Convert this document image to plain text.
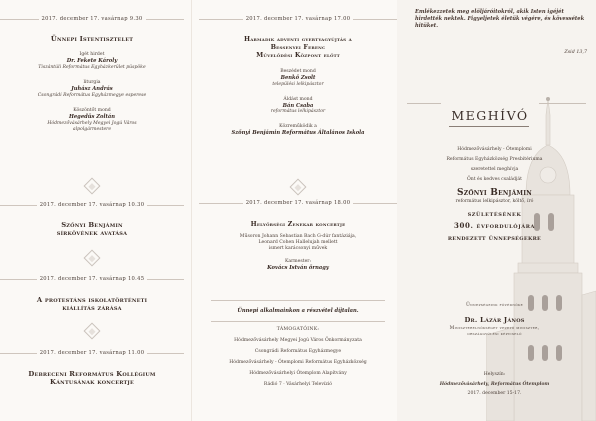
2017. december 17. vasárnap 9.30
Ünnepi Istentisztelet
Igét hirdet
Dr. Fekete Károly
Tiszántúli Református Egyházkerület püspöke
liturgia
Juhász András
Csongrádi Református Egyházmegye esperese
Köszöntőt mond
Hegedűs Zoltán
Hódmezővásárhely Megyei Jogú Város
alpolgármestere
2017. december 17. vasárnap 10.30
Szőnyi Benjámin
sírkövének avatása
2017. december 17. vasárnap 10.45
A protestáns iskolatörténeti
kiállítás zárása
2017. december 17. vasárnap 11.00
Debreceni Református Kollégium
Kántusának koncertje
2017. december 17. vasárnap 17.00
Harmadik adventi gyertyagyújtás a
Bessenyei Ferenc
Művelődési Központ előtt
Beszédet mond
Benkő Zsolt
települési lelkipásztor
Áldást mond
Bán Csaba
református lelkipásztor
Közreműködik a
Szőnyi Benjámin Református Általános Iskola
2017. december 17. vasárnap 18.00
Helyőrségi Zenekar koncertje
Műsoron Johann Sebastian Bach G-dúr fantáziája,
Leonard Cohen Hallelujah mellett
ismert karácsonyi művek
Karmester:
Kovács István őrnagy
Ünnepi alkalmainkon a részvétel díjtalan.
TÁMOGATÓINK:
Hódmezővásárhely Megyei Jogú Város Önkormányzata
Csongrádi Református Egyházmegye
Hódmezővásárhely - Ótemplomi Református Egyházközség
Hódmezővásárhelyi Ótemplom Alapítvány
Rádió 7 · Vásárhelyi Televízió
Emlékezzetek meg elöljáróitokról, akik Isten igéjét hirdették nektek. Figyeljetek életük végére, és kövessétek hitüket.
Zsid 13,7
MEGHÍVÓ
Hódmezővásárhely - Ótemplomi
Református Egyházközség Presbitériuma
szeretettel meghívja
Önt és kedves családját
Szőnyi Benjámin
református lelkipásztor, költő, író
születésének
300. évfordulójára
rendezett ünnepségekre
Ünnepségeink fővédnöke
Dr. Lázár János
Miniszterelnökséget vezető miniszter,
országgyűlési képviselő
Helyszín:
Hódmezővásárhely, Református Ótemplom
2017. december 15-17.
